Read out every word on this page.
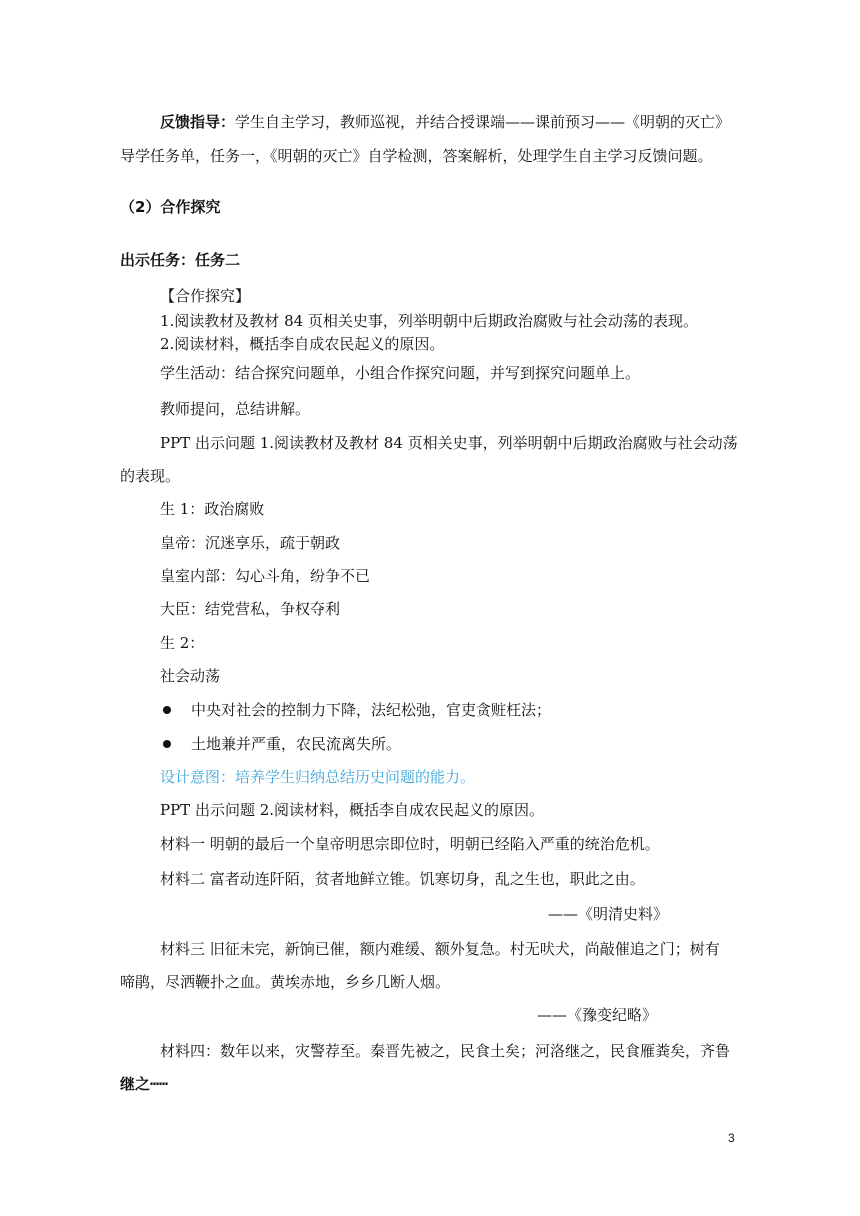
反馈指导：学生自主学习，教师巡视，并结合授课端——课前预习——《明朝的灭亡》
导学任务单，任务一，《明朝的灭亡》自学检测，答案解析，处理学生自主学习反馈问题。
（2）合作探究
出示任务：任务二
【合作探究】
1.阅读教材及教材 84 页相关史事，列举明朝中后期政治腐败与社会动荡的表现。
2.阅读材料，概括李自成农民起义的原因。
学生活动：结合探究问题单，小组合作探究问题，并写到探究问题单上。
教师提问，总结讲解。
PPT 出示问题 1.阅读教材及教材 84 页相关史事，列举明朝中后期政治腐败与社会动荡
的表现。
生 1：政治腐败
皇帝：沉迷享乐，疏于朝政
皇室内部：勾心斗角，纷争不已
大臣：结党营私，争权夺利
生 2：
社会动荡
中央对社会的控制力下降，法纪松弛，官吏贪赃枉法；
土地兼并严重，农民流离失所。
设计意图：培养学生归纳总结历史问题的能力。
PPT 出示问题 2.阅读材料，概括李自成农民起义的原因。
材料一 明朝的最后一个皇帝明思宗即位时，明朝已经陷入严重的统治危机。
材料二 富者动连阡陌，贫者地鲜立锥。饥寒切身，乱之生也，职此之由。
——《明清史料》
材料三 旧征未完，新饷已催，额内难缓、额外复急。村无吠犬，尚敲催追之门；树有
啼鹃，尽洒鞭扑之血。黄埃赤地，乡乡几断人烟。
——《豫变纪略》
材料四：数年以来，灾警荐至。秦晋先被之，民食土矣；河洛继之，民食雁粪矣，齐鲁
继之┅┅
3
